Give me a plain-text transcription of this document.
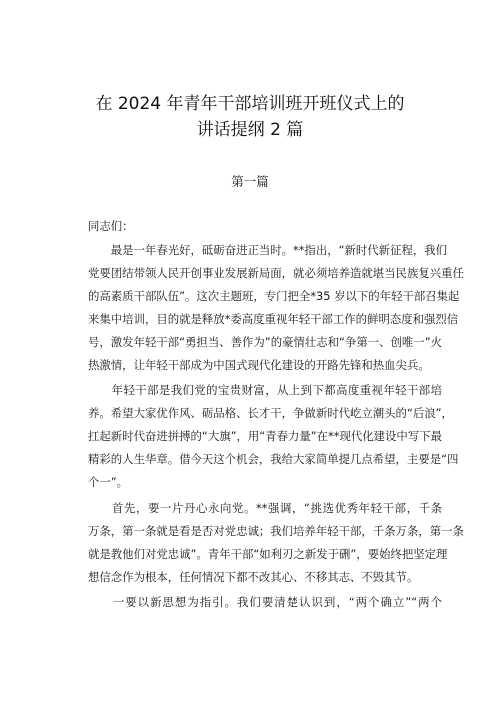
在 2024 年青年干部培训班开班仪式上的
讲话提纲 2 篇
第一篇
同志们：
　　最是一年春光好，砥砺奋进正当时。**指出，“新时代新征程，我们
党要团结带领人民开创事业发展新局面，就必须培养造就堪当民族复兴重任
的高素质干部队伍”。这次主题班，专门把全*35 岁以下的年轻干部召集起
来集中培训，目的就是释放*委高度重视年轻干部工作的鲜明态度和强烈信
号，激发年轻干部“勇担当、善作为”的豪情壮志和“争第一、创唯一”火
热激情，让年轻干部成为中国式现代化建设的开路先锋和热血尖兵。
　　年轻干部是我们党的宝贵财富，从上到下都高度重视年轻干部培
养。希望大家优作风、砺品格、长才干，争做新时代屹立潮头的“后浪”，
扛起新时代奋进拼搏的“大旗”，用“青春力量”在**现代化建设中写下最
精彩的人生华章。借今天这个机会，我给大家简单提几点希望，主要是“四
个一”。
　　首先，要一片丹心永向党。**强调，“挑选优秀年轻干部，千条
万条，第一条就是看是否对党忠诚；我们培养年轻干部，千条万条，第一条
就是教他们对党忠诚”。青年干部“如利刃之新发于硎”，要始终把坚定理
想信念作为根本，任何情况下都不改其心、不移其志、不毁其节。
　　一要以新思想为指引。我们要清楚认识到，“两个确立”“两个
